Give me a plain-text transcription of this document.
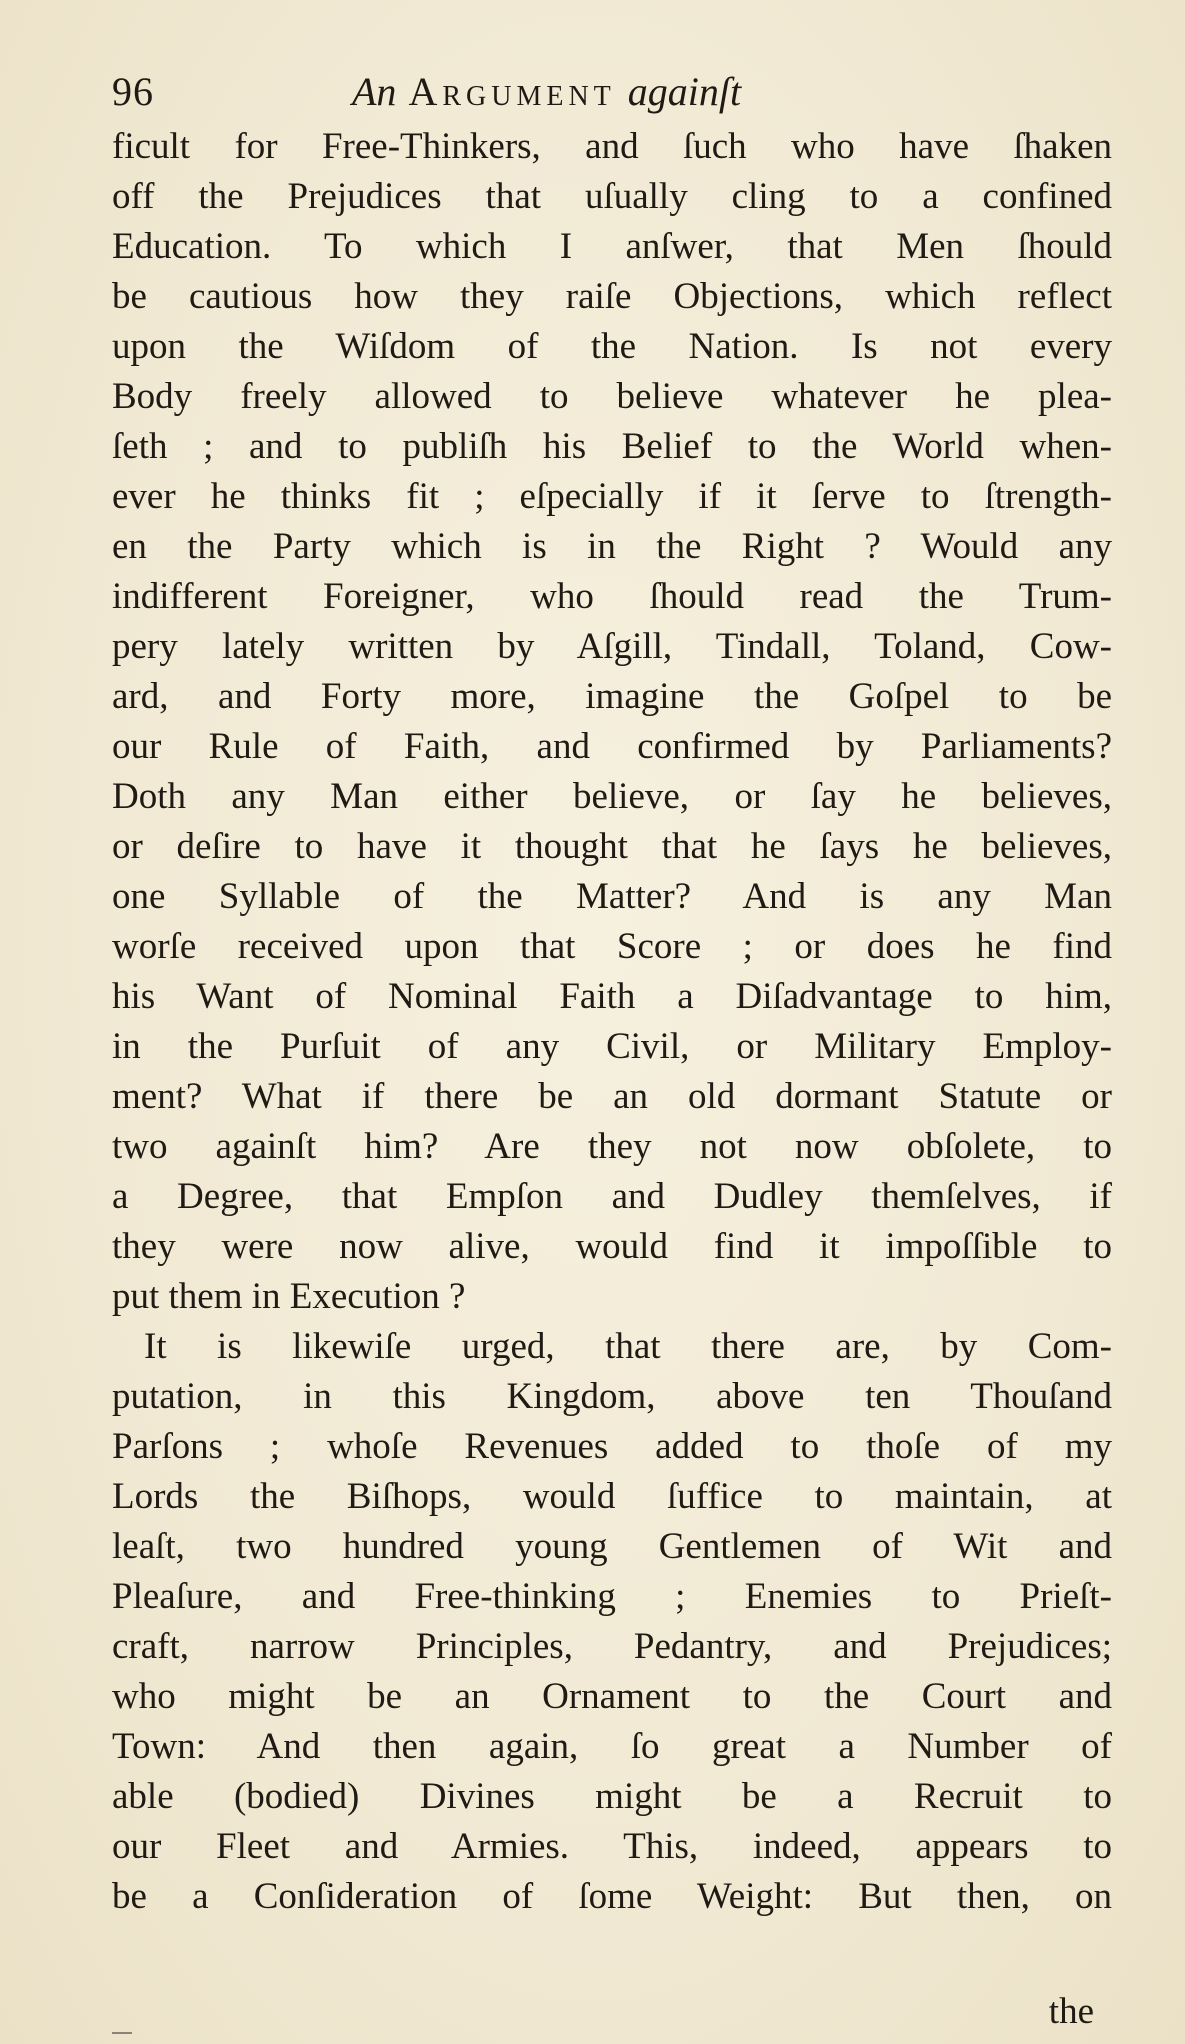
96	An Argument againſt
ficult for Free-Thinkers, and ſuch who have ſhaken
off the Prejudices that uſually cling to a confined
Education. To which I anſwer, that Men ſhould
be cautious how they raiſe Objections, which reflect
upon the Wiſdom of the Nation. Is not every
Body freely allowed to believe whatever he plea-
ſeth ; and to publiſh his Belief to the World when-
ever he thinks fit ; eſpecially if it ſerve to ſtrength-
en the Party which is in the Right ? Would any
indifferent Foreigner, who ſhould read the Trum-
pery lately written by Aſgill, Tindall, Toland, Cow-
ard, and Forty more, imagine the Goſpel to be
our Rule of Faith, and confirmed by Parliaments?
Doth any Man either believe, or ſay he believes,
or deſire to have it thought that he ſays he believes,
one Syllable of the Matter? And is any Man
worſe received upon that Score ; or does he find
his Want of Nominal Faith a Diſadvantage to him,
in the Purſuit of any Civil, or Military Employ-
ment? What if there be an old dormant Statute or
two againſt him? Are they not now obſolete, to
a Degree, that Empſon and Dudley themſelves, if
they were now alive, would find it impoſſible to
put them in Execution ?
It is likewiſe urged, that there are, by Com-
putation, in this Kingdom, above ten Thouſand
Parſons ; whoſe Revenues added to thoſe of my
Lords the Biſhops, would ſuffice to maintain, at
leaſt, two hundred young Gentlemen of Wit and
Pleaſure, and Free-thinking ; Enemies to Prieſt-
craft, narrow Principles, Pedantry, and Prejudices;
who might be an Ornament to the Court and
Town: And then again, ſo great a Number of
able (bodied) Divines might be a Recruit to
our Fleet and Armies. This, indeed, appears to
be a Conſideration of ſome Weight: But then, on
the
